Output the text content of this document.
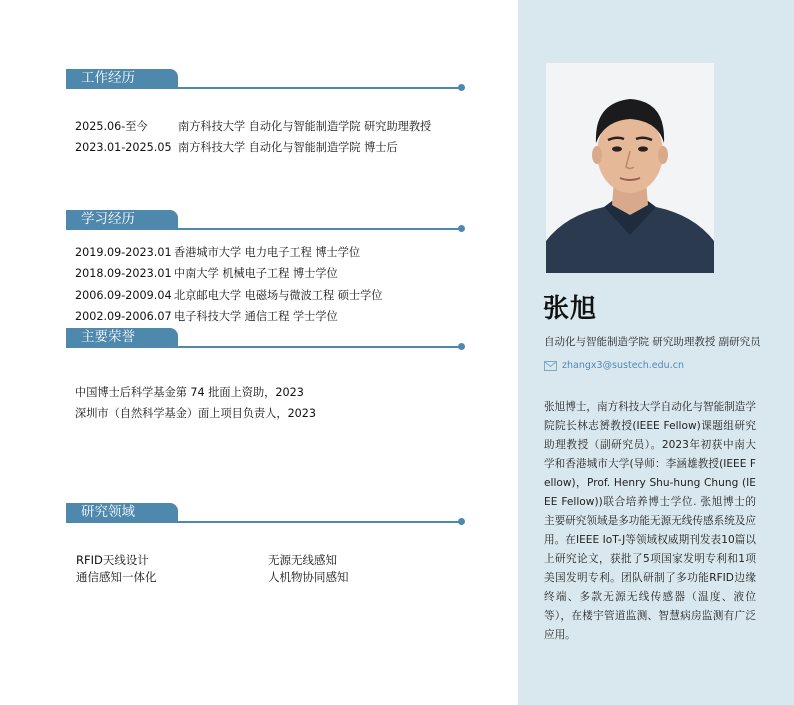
工作经历
2025.06-至今	南方科技大学 自动化与智能制造学院 研究助理教授
2023.01-2025.05 南方科技大学 自动化与智能制造学院 博士后
学习经历
2019.09-2023.01 香港城市大学 电力电子工程 博士学位
2018.09-2023.01 中南大学 机械电子工程 博士学位
2006.09-2009.04 北京邮电大学 电磁场与微波工程 硕士学位
2002.09-2006.07 电子科技大学 通信工程 学士学位
主要荣誉
中国博士后科学基金第 74 批面上资助，2023
深圳市（自然科学基金）面上项目负责人，2023
研究领域
RFID天线设计	无源无线感知
通信感知一体化	人机物协同感知
张旭
自动化与智能制造学院 研究助理教授 副研究员
zhangx3@sustech.edu.cn
张旭博士，南方科技大学自动化与智能制造学院院长林志赟教授(IEEE Fellow)课题组研究助理教授（副研究员）。2023年初获中南大学和香港城市大学(导师：李涵雄教授(IEEE Fellow)，Prof. Henry Shu-hung Chung (IEEE Fellow))联合培养博士学位. 张旭博士的主要研究领域是多功能无源无线传感系统及应用。在IEEE IoT-J等领域权威期刊发表10篇以上研究论文，获批了5项国家发明专利和1项美国发明专利。团队研制了多功能RFID边缘终端、多款无源无线传感器（温度、液位等），在楼宇管道监测、智慧病房监测有广泛应用。
